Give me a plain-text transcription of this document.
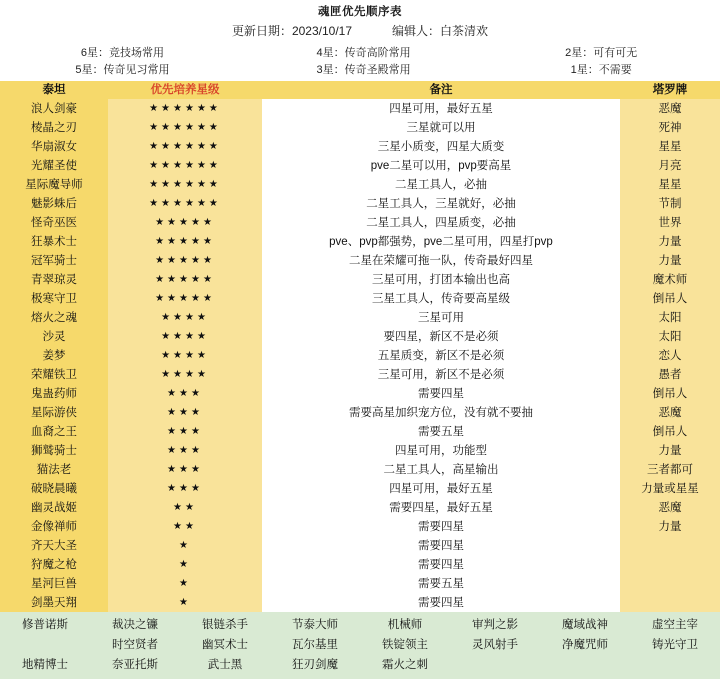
魂匣优先顺序表
更新日期：2023/10/17	编辑人：白茶清欢
6星：竞技场常用	4星：传奇高阶常用	2星：可有可无
5星：传奇见习常用	3星：传奇圣殿常用	1星：不需要
泰坦	优先培养星级	备注	塔罗牌
浪人剑豪	★★★★★★	四星可用，最好五星	恶魔
棱晶之刃	★★★★★★	三星就可以用	死神
华扇淑女	★★★★★★	三星小质变，四星大质变	星星
光耀圣使	★★★★★★	pve二星可以用，pvp要高星	月亮
星际魔导师	★★★★★★	二星工具人，必抽	星星
魅影蛛后	★★★★★★	二星工具人，三星就好，必抽	节制
怪奇巫医	★★★★★	二星工具人，四星质变，必抽	世界
狂暴术士	★★★★★	pve、pvp都强势，pve二星可用，四星打pvp	力量
冠军骑士	★★★★★	二星在荣耀可拖一队，传奇最好四星	力量
青翠琼灵	★★★★★	三星可用，打团本输出也高	魔术师
极寒守卫	★★★★★	三星工具人，传奇要高星级	倒吊人
熔火之魂	★★★★	三星可用	太阳
沙灵	★★★★	要四星，新区不是必须	太阳
姜梦	★★★★	五星质变，新区不是必须	恋人
荣耀铁卫	★★★★	三星可用，新区不是必须	愚者
鬼蛊药师	★★★	需要四星	倒吊人
星际游侠	★★★	需要高星加织宠方位，没有就不要抽	恶魔
血裔之王	★★★	需要五星	倒吊人
狮鹫骑士	★★★	四星可用，功能型	力量
猫法老	★★★	二星工具人，高星输出	三者都可
破晓晨曦	★★★	四星可用，最好五星	力量或星星
幽灵战姬	★★	需要四星，最好五星	恶魔
金像禅师	★★	需要四星	力量
齐天大圣	★	需要四星	
狩魔之枪	★	需要四星	
星河巨兽	★	需要五星	
剑墨天翔	★	需要四星	
修普诺斯	裁决之镰	银链杀手	节泰大师	机械师	审判之影	魔域战神	虚空主宰
	时空贤者	幽冥术士	瓦尔基里	铁锭领主	灵风射手	净魔咒师	铸光守卫
地精博士	奈亚托斯	武士黑	狂刃剑魔	霜火之刺			
